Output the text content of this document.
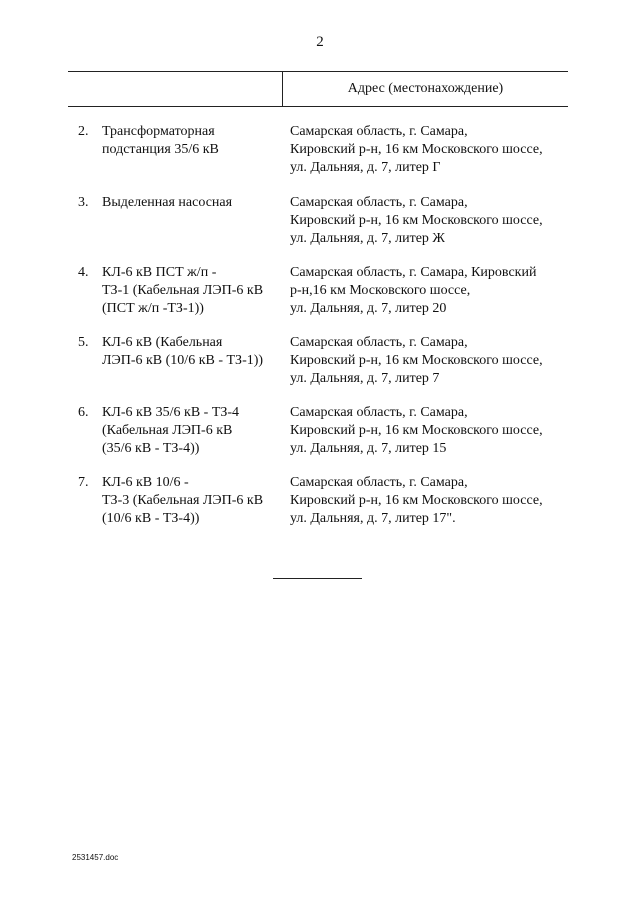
2
Адрес (местонахождение)
2. Трансформаторная
подстанция 35/6 кВ
Самарская область, г. Самара,
Кировский р-н, 16 км Московского шоссе,
ул. Дальняя, д. 7, литер Г
3. Выделенная насосная	Самарская область, г. Самара,
Кировский р-н, 16 км Московского шоссе,
ул. Дальняя, д. 7, литер Ж
4. КЛ-6 кВ ПСТ ж/п -
ТЗ-1 (Кабельная ЛЭП-6 кВ
(ПСТ ж/п -ТЗ-1))
Самарская область, г. Самара, Кировский
р-н,16 км Московского шоссе,
ул. Дальняя, д. 7, литер 20
5. КЛ-6 кВ (Кабельная
ЛЭП-6 кВ (10/6 кВ - ТЗ-1))
Самарская область, г. Самара,
Кировский р-н, 16 км Московского шоссе,
ул. Дальняя, д. 7, литер 7
6. КЛ-6 кВ 35/6 кВ - ТЗ-4
(Кабельная ЛЭП-6 кВ
(35/6 кВ - ТЗ-4))
Самарская область, г. Самара,
Кировский р-н, 16 км Московского шоссе,
ул. Дальняя, д. 7, литер 15
7. КЛ-6 кВ 10/6 -
ТЗ-3 (Кабельная ЛЭП-6 кВ
(10/6 кВ - ТЗ-4))
Самарская область, г. Самара,
Кировский р-н, 16 км Московского шоссе,
ул. Дальняя, д. 7, литер 17".
2531457.doc
